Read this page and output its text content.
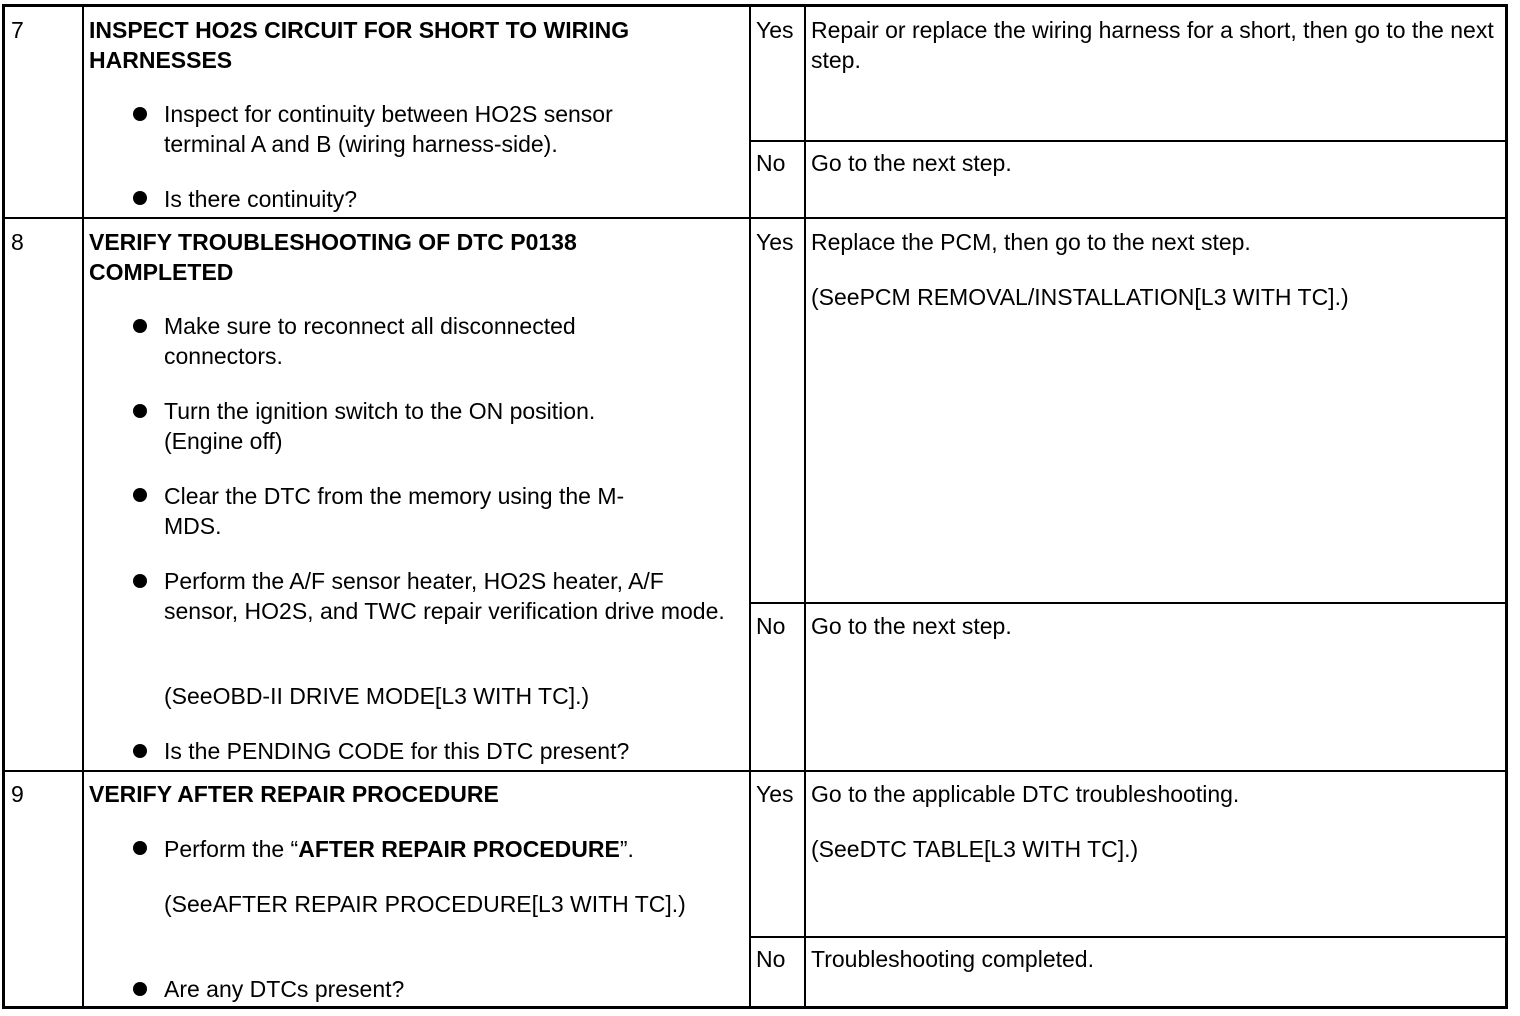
7	INSPECT HO2S CIRCUIT FOR SHORT TO WIRING HARNESSES
Inspect for continuity between HO2S sensor terminal A and B (wiring harness-side).
Is there continuity?
Yes Repair or replace the wiring harness for a short, then go to the next step.
No Go to the next step.
8	VERIFY TROUBLESHOOTING OF DTC P0138 COMPLETED
Make sure to reconnect all disconnected connectors.
Turn the ignition switch to the ON position. (Engine off)
Clear the DTC from the memory using the M-MDS.
Perform the A/F sensor heater, HO2S heater, A/F sensor, HO2S, and TWC repair verification drive mode.
(SeeOBD-II DRIVE MODE[L3 WITH TC].)
Is the PENDING CODE for this DTC present?
Yes Replace the PCM, then go to the next step.
(SeePCM REMOVAL/INSTALLATION[L3 WITH TC].)
No Go to the next step.
9	VERIFY AFTER REPAIR PROCEDURE
Perform the “AFTER REPAIR PROCEDURE”.
(SeeAFTER REPAIR PROCEDURE[L3 WITH TC].)
Are any DTCs present?
Yes Go to the applicable DTC troubleshooting.
(SeeDTC TABLE[L3 WITH TC].)
No Troubleshooting completed.
